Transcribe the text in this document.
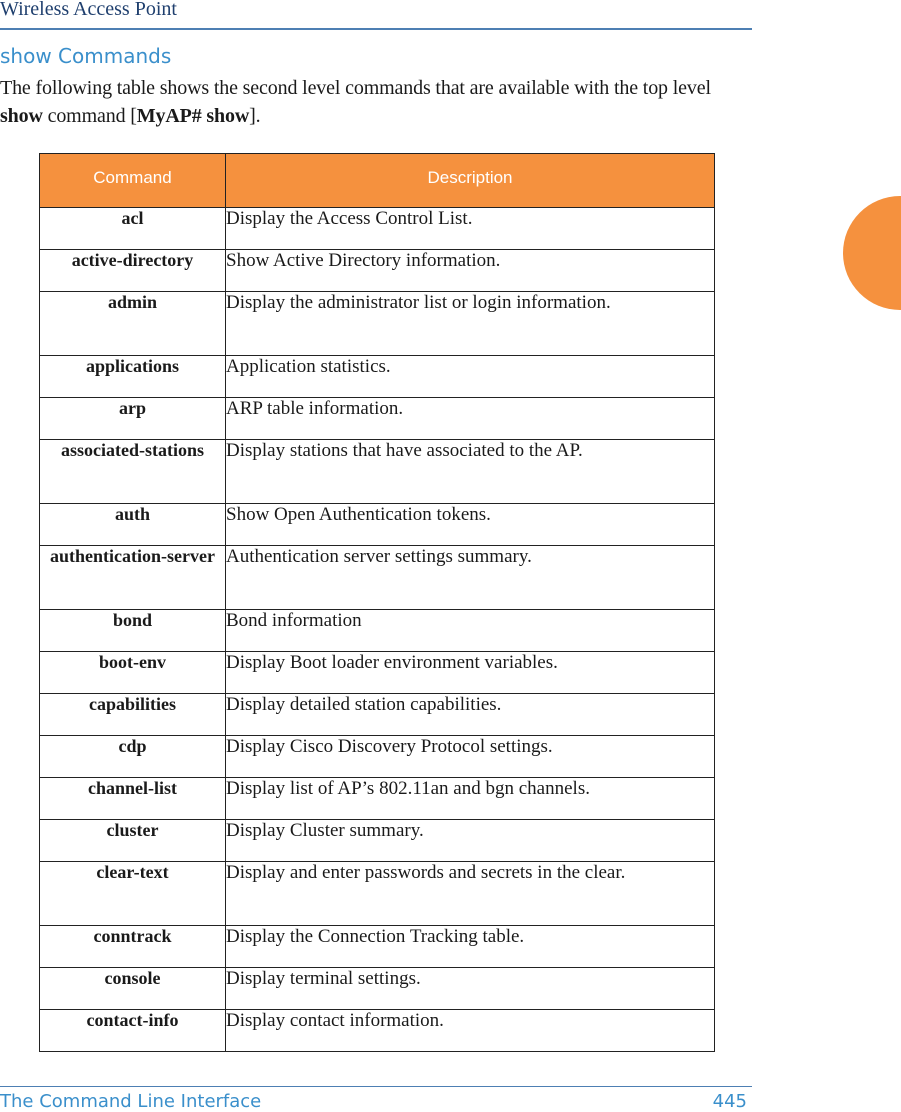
Wireless Access Point
show Commands
The following table shows the second level commands that are available with the top level show command [MyAP# show].
Command	Description
acl	Display the Access Control List.
active-directory	Show Active Directory information.
admin	Display the administrator list or login information.
applications	Application statistics.
arp	ARP table information.
associated-stations	Display stations that have associated to the AP.
auth	Show Open Authentication tokens.
authentication-server	Authentication server settings summary.
bond	Bond information
boot-env	Display Boot loader environment variables.
capabilities	Display detailed station capabilities.
cdp	Display Cisco Discovery Protocol settings.
channel-list	Display list of AP’s 802.11an and bgn channels.
cluster	Display Cluster summary.
clear-text	Display and enter passwords and secrets in the clear.
conntrack	Display the Connection Tracking table.
console	Display terminal settings.
contact-info	Display contact information.
The Command Line Interface	445
